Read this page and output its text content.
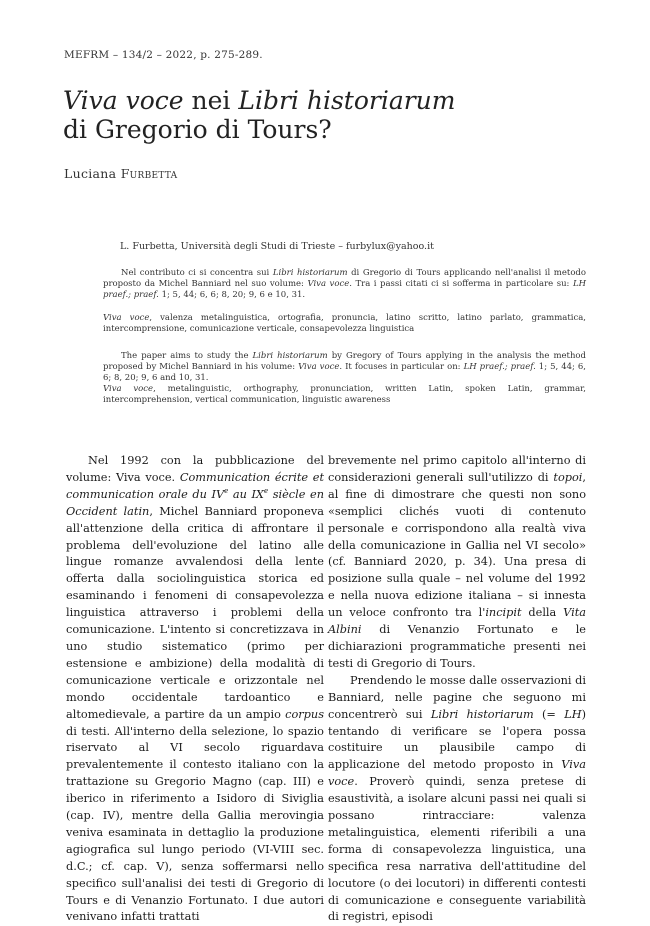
MEFRM – 134/2 – 2022, p. 275-289.
Viva voce nei Libri historiarum
di Gregorio di Tours?
Luciana Furbetta
L. Furbetta, Università degli Studi di Trieste – furbylux@yahoo.it

Nel contributo ci si concentra sui Libri historiarum di Gregorio di Tours applicando nell'analisi il metodo proposto da Michel Banniard nel suo volume: Viva voce. Tra i passi citati ci si sofferma in particolare su: LH praef.; praef. 1; 5, 44; 6, 6; 8, 20; 9, 6 e 10, 31.

Viva voce, valenza metalinguistica, ortografia, pronuncia, latino scritto, latino parlato, grammatica, intercomprensione, comunicazione verticale, consapevolezza linguistica

The paper aims to study the Libri historiarum by Gregory of Tours applying in the analysis the method proposed by Michel Banniard in his volume: Viva voce. It focuses in particular on: LH praef.; praef. 1; 5, 44; 6, 6; 8, 20; 9, 6 and 10, 31.

Viva voce, metalinguistic, orthography, pronunciation, written Latin, spoken Latin, grammar, intercomprehension, vertical communication, linguistic awareness

Nel 1992 con la pubblicazione del volume: Viva voce. Communication écrite et communication orale du IVe au IXe siècle en Occident latin, Michel Banniard proponeva all'attenzione della critica di affrontare il problema dell'evoluzione del latino alle lingue romanze avvalendosi della lente offerta dalla sociolinguistica storica ed esaminando i fenomeni di consapevolezza linguistica attraverso i problemi della comunicazione. L'intento si concretizzava in uno studio sistematico (primo per estensione e ambizione) della modalità di comunicazione verticale e orizzontale nel mondo occidentale tardoantico e altomedievale, a partire da un ampio corpus di testi. All'interno della selezione, lo spazio riservato al VI secolo riguardava prevalentemente il contesto italiano con la trattazione su Gregorio Magno (cap. III) e iberico in riferimento a Isidoro di Siviglia (cap. IV), mentre della Gallia merovingia veniva esaminata in dettaglio la produzione agiografica sul lungo periodo (VI-VIII sec. d.C.; cf. cap. V), senza soffermarsi nello specifico sull'analisi dei testi di Gregorio di Tours e di Venanzio Fortunato. I due autori venivano infatti trattati

brevemente nel primo capitolo all'interno di considerazioni generali sull'utilizzo di topoi, al fine di dimostrare che questi non sono «semplici clichés vuoti di contenuto personale e corrispondono alla realtà viva della comunicazione in Gallia nel VI secolo» (cf. Banniard 2020, p. 34). Una presa di posizione sulla quale – nel volume del 1992 e nella nuova edizione italiana – si innesta un veloce confronto tra l'incipit della Vita Albini di Venanzio Fortunato e le dichiarazioni programmatiche presenti nei testi di Gregorio di Tours.

Prendendo le mosse dalle osservazioni di Banniard, nelle pagine che seguono mi concentrerò sui Libri historiarum (= LH) tentando di verificare se l'opera possa costituire un plausibile campo di applicazione del metodo proposto in Viva voce. Proverò quindi, senza pretese di esaustività, a isolare alcuni passi nei quali si possano rintracciare: valenza metalinguistica, elementi riferibili a una forma di consapevolezza linguistica, una specifica resa narrativa dell'attitudine del locutore (o dei locutori) in differenti contesti di comunicazione e conseguente variabilità di registri, episodi
